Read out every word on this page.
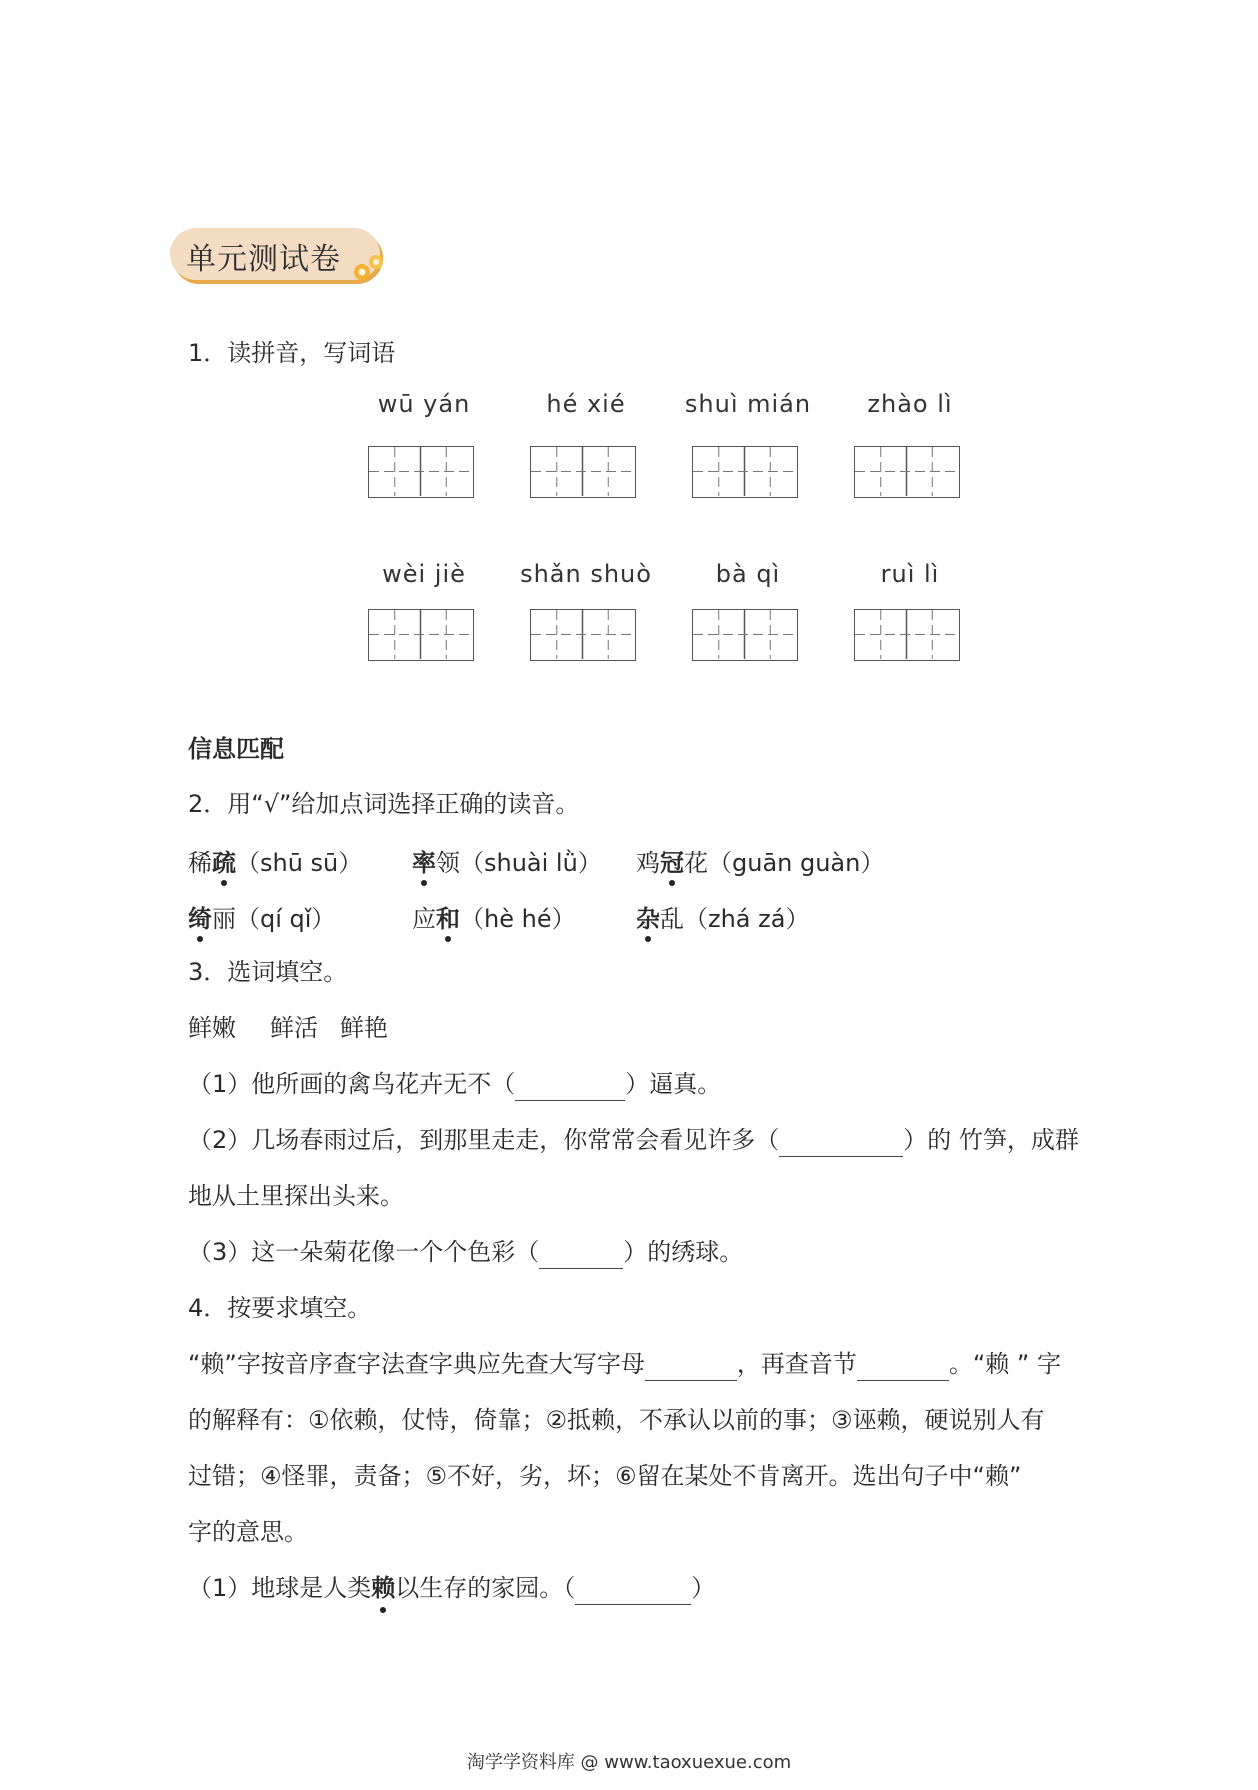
单元测试卷
1．读拼音，写词语
wū yán	hé xié	shuì mián	zhào lì
wèi jiè	shǎn shuò	bà qì	ruì lì
信息匹配
2．用“√”给加点词选择正确的读音。
稀疏（shū sū） 率领（shuài lǜ） 鸡冠花（guān guàn）
绮丽（qí qǐ）	应和（hè hé）	杂乱（zhá zá）
3．选词填空。
鲜嫩 鲜活 鲜艳
（1）他所画的禽鸟花卉无不（	）逼真。
（2）几场春雨过后，到那里走走，你常常会看见许多（	）的 竹笋，成群
地从土里探出头来。
（3）这一朵菊花像一个个色彩（	）的绣球。
4．按要求填空。
“赖”字按音序查字法查字典应先查大写字母	，再查音节	。“赖 ” 字
的解释有：①依赖，仗恃，倚靠；②抵赖，不承认以前的事；③诬赖，硬说别人有
过错；④怪罪，责备；⑤不好，劣，坏；⑥留在某处不肯离开。选出句子中“赖”
字的意思。
（1）地球是人类赖以生存的家园。（	）
淘学学资料库 @ www.taoxuexue.com
